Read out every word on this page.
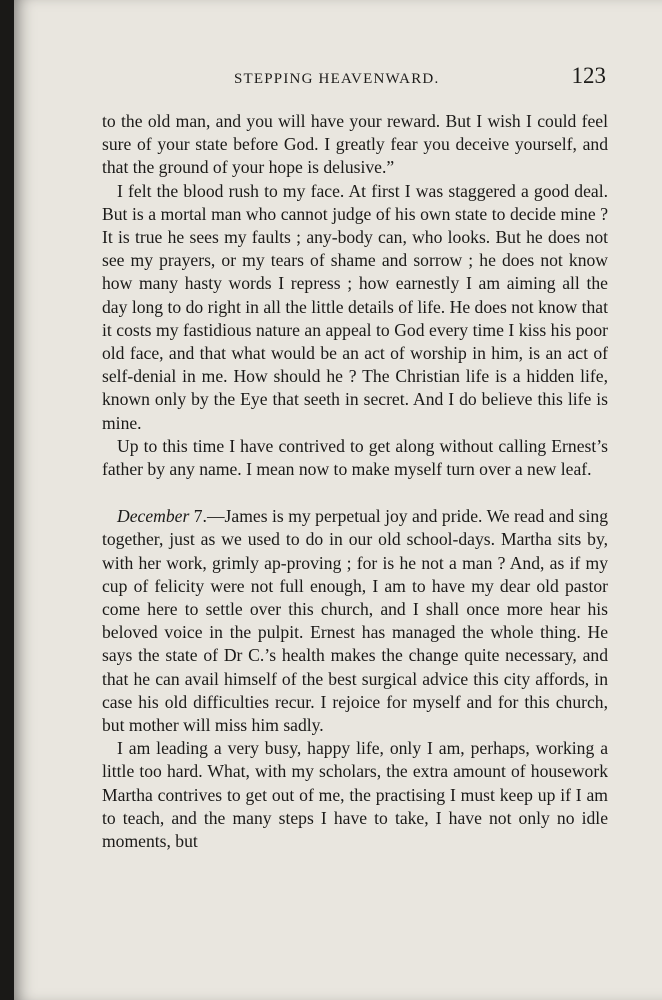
STEPPING HEAVENWARD.	123

to the old man, and you will have your reward. But I wish I could feel sure of your state before God. I greatly fear you deceive yourself, and that the ground of your hope is delusive.”

I felt the blood rush to my face. At first I was staggered a good deal. But is a mortal man who cannot judge of his own state to decide mine ? It is true he sees my faults ; any-body can, who looks. But he does not see my prayers, or my tears of shame and sorrow ; he does not know how many hasty words I repress ; how earnestly I am aiming all the day long to do right in all the little details of life. He does not know that it costs my fastidious nature an appeal to God every time I kiss his poor old face, and that what would be an act of worship in him, is an act of self-denial in me. How should he ? The Christian life is a hidden life, known only by the Eye that seeth in secret. And I do believe this life is mine.

Up to this time I have contrived to get along without calling Ernest’s father by any name. I mean now to make myself turn over a new leaf.

December 7.—James is my perpetual joy and pride. We read and sing together, just as we used to do in our old school-days. Martha sits by, with her work, grimly ap-proving ; for is he not a man ? And, as if my cup of felicity were not full enough, I am to have my dear old pastor come here to settle over this church, and I shall once more hear his beloved voice in the pulpit. Ernest has managed the whole thing. He says the state of Dr C.’s health makes the change quite necessary, and that he can avail himself of the best surgical advice this city affords, in case his old difficulties recur. I rejoice for myself and for this church, but mother will miss him sadly.

I am leading a very busy, happy life, only I am, perhaps, working a little too hard. What, with my scholars, the extra amount of housework Martha contrives to get out of me, the practising I must keep up if I am to teach, and the many steps I have to take, I have not only no idle moments, but
